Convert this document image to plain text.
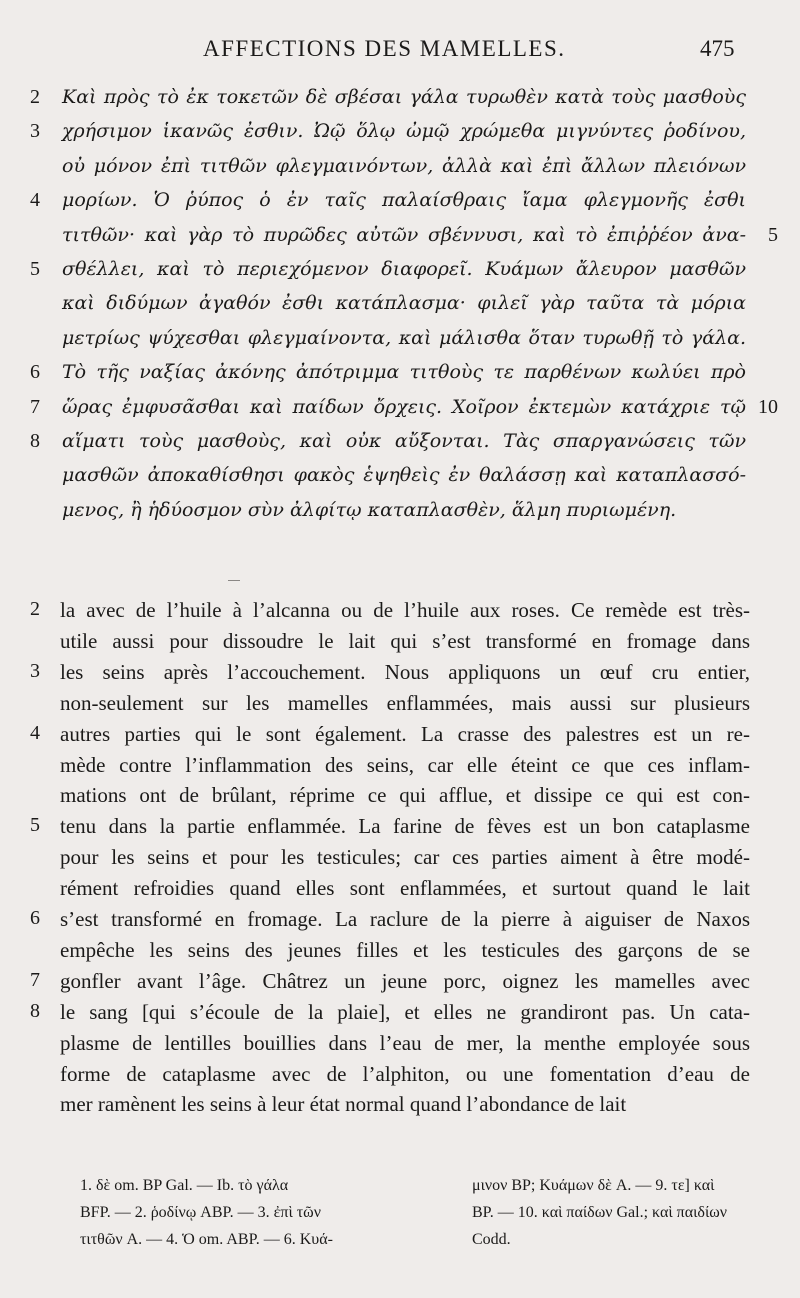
AFFECTIONS DES MAMELLES.	475
2	Καὶ πρὸς τὸ ἐκ τοκετῶν δὲ σβέσαι γάλα τυρωθὲν κατὰ τοὺς μασθοὺς
3	χρήσιμον ἱκανῶς ἐσθιν. Ὠῷ ὅλῳ ὠμῷ χρώμεθα μιγνύντες ῥοδίνου,
οὐ μόνον ἐπὶ τιτθῶν φλεγμαινόντων, ἀλλὰ καὶ ἐπὶ ἄλλων πλειόνων
4	μορίων. Ὁ ῥύπος ὁ ἐν ταῖς παλαίσθραις ἴαμα φλεγμονῆς ἐσθι
τιτθῶν· καὶ γὰρ τὸ πυρῶδες αὐτῶν σβέννυσι, καὶ τὸ ἐπιῤῥέον ἀνα- 5
5	σθέλλει, καὶ τὸ περιεχόμενον διαφορεῖ. Κυάμων ἄλευρον μασθῶν
καὶ διδύμων ἀγαθόν ἐσθι κατάπλασμα· φιλεῖ γὰρ ταῦτα τὰ μόρια
μετρίως ψύχεσθαι φλεγμαίνοντα, καὶ μάλισθα ὅταν τυρωθῇ τὸ γάλα.
6	Τὸ τῆς ναξίας ἀκόνης ἀπότριμμα τιτθοὺς τε παρθένων κωλύει πρὸ
7	ὥρας ἐμφυσᾶσθαι καὶ παίδων ὄρχεις. Χοῖρον ἐκτεμὼν κατάχριε τῷ 10
8	αἵματι τοὺς μασθοὺς, καὶ οὐκ αὔξονται. Τὰς σπαργανώσεις τῶν
μασθῶν ἀποκαθίσθησι φακὸς ἑψηθεὶς ἐν θαλάσσῃ καὶ καταπλασσό-
μενος, ἢ ἡδύοσμον σὺν ἀλφίτῳ καταπλασθὲν, ἅλμη πυριωμένη.
2 la avec de l’huile à l’alcanna ou de l’huile aux roses. Ce remède est très-
utile aussi pour dissoudre le lait qui s’est transformé en fromage dans
3 les seins après l’accouchement. Nous appliquons un œuf cru entier,
non-seulement sur les mamelles enflammées, mais aussi sur plusieurs
4 autres parties qui le sont également. La crasse des palestres est un re-
mède contre l’inflammation des seins, car elle éteint ce que ces inflam-
mations ont de brûlant, réprime ce qui afflue, et dissipe ce qui est con-
5 tenu dans la partie enflammée. La farine de fèves est un bon cataplasme
pour les seins et pour les testicules; car ces parties aiment à être modé-
rément refroidies quand elles sont enflammées, et surtout quand le lait
6 s’est transformé en fromage. La raclure de la pierre à aiguiser de Naxos
empêche les seins des jeunes filles et les testicules des garçons de se
7 gonfler avant l’âge. Châtrez un jeune porc, oignez les mamelles avec
8 le sang [qui s’écoule de la plaie], et elles ne grandiront pas. Un cata-
plasme de lentilles bouillies dans l’eau de mer, la menthe employée sous
forme de cataplasme avec de l’alphiton, ou une fomentation d’eau de
mer ramènent les seins à leur état normal quand l’abondance de lait
1. δὲ om. BP Gal. — Ib. τὸ γάλα
BFP. — 2. ῥοδίνῳ ABP. — 3. ἐπὶ τῶν
τιτθῶν A. — 4. Ὁ om. ABP. — 6. Κυά-
μινον BP; Κυάμων δὲ A. — 9. τε] καὶ
BP. — 10. καὶ παίδων Gal.; καὶ παιδίων
Codd.
